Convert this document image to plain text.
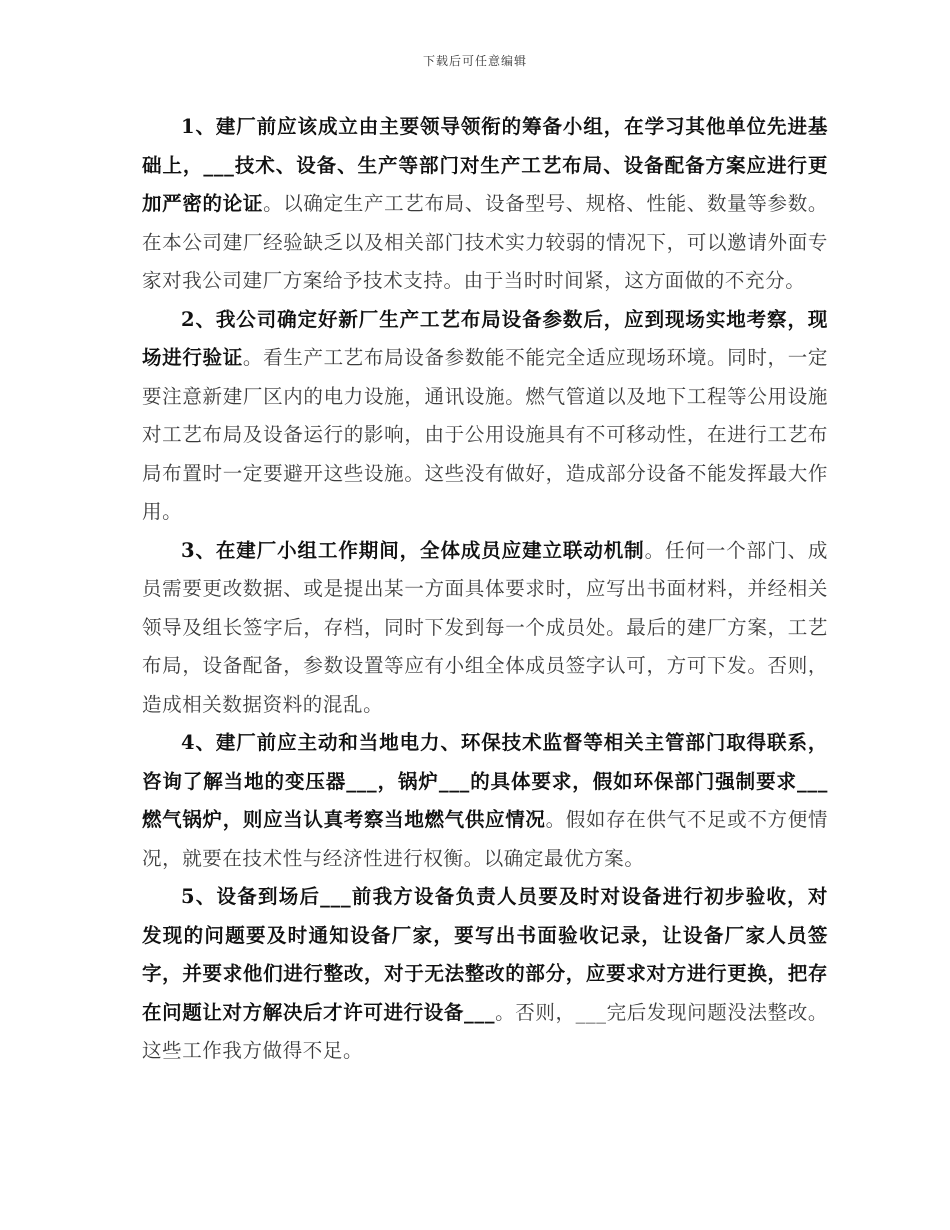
下载后可任意编辑

1、建厂前应该成立由主要领导领衔的筹备小组，在学习其他单位先进基础上，___技术、设备、生产等部门对生产工艺布局、设备配备方案应进行更加严密的论证。以确定生产工艺布局、设备型号、规格、性能、数量等参数。在本公司建厂经验缺乏以及相关部门技术实力较弱的情况下，可以邀请外面专家对我公司建厂方案给予技术支持。由于当时时间紧，这方面做的不充分。

2、我公司确定好新厂生产工艺布局设备参数后，应到现场实地考察，现场进行验证。看生产工艺布局设备参数能不能完全适应现场环境。同时，一定要注意新建厂区内的电力设施，通讯设施。燃气管道以及地下工程等公用设施对工艺布局及设备运行的影响，由于公用设施具有不可移动性，在进行工艺布局布置时一定要避开这些设施。这些没有做好，造成部分设备不能发挥最大作用。

3、在建厂小组工作期间，全体成员应建立联动机制。任何一个部门、成员需要更改数据、或是提出某一方面具体要求时，应写出书面材料，并经相关领导及组长签字后，存档，同时下发到每一个成员处。最后的建厂方案，工艺布局，设备配备，参数设置等应有小组全体成员签字认可，方可下发。否则，造成相关数据资料的混乱。

4、建厂前应主动和当地电力、环保技术监督等相关主管部门取得联系，咨询了解当地的变压器___，锅炉___的具体要求，假如环保部门强制要求___燃气锅炉，则应当认真考察当地燃气供应情况。假如存在供气不足或不方便情况，就要在技术性与经济性进行权衡。以确定最优方案。

5、设备到场后___前我方设备负责人员要及时对设备进行初步验收，对发现的问题要及时通知设备厂家，要写出书面验收记录，让设备厂家人员签字，并要求他们进行整改，对于无法整改的部分，应要求对方进行更换，把存在问题让对方解决后才许可进行设备___。否则，___完后发现问题没法整改。这些工作我方做得不足。
